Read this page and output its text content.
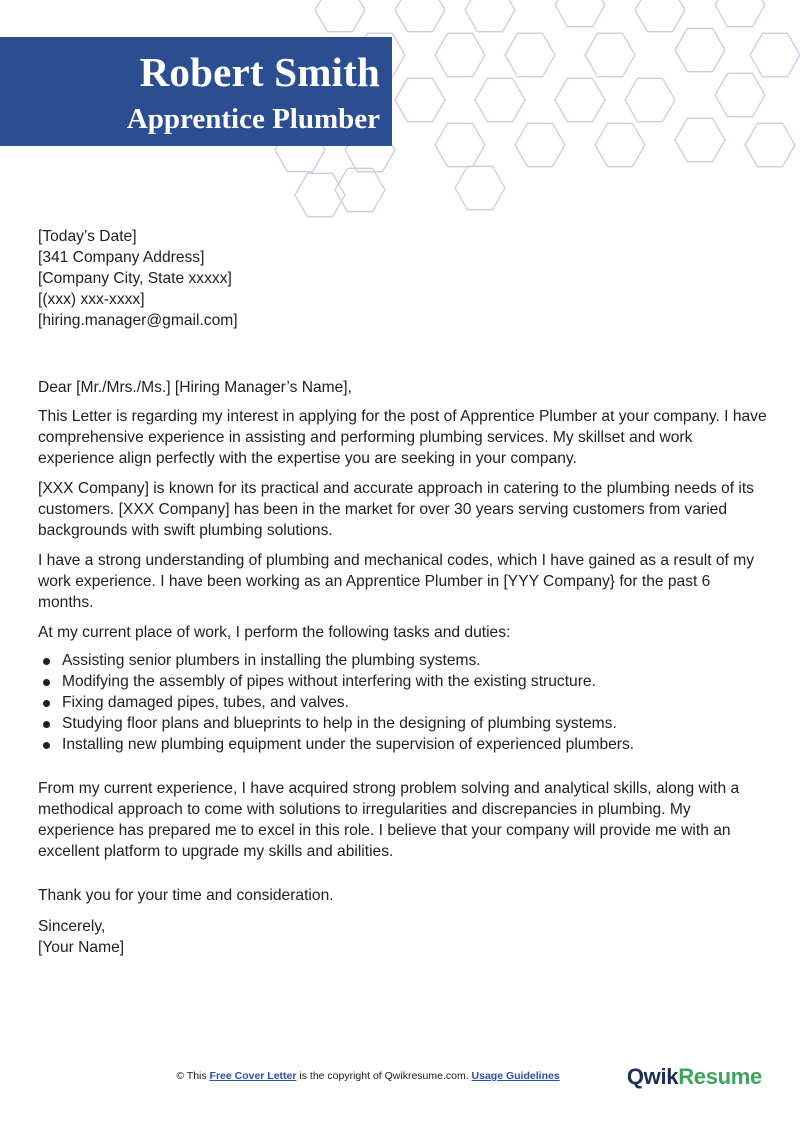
Robert Smith
Apprentice Plumber

[Today’s Date]

[341 Company Address]

[Company City, State xxxxx]

[(xxx) xxx-xxxx]

[hiring.manager@gmail.com]

Dear [Mr./Mrs./Ms.] [Hiring Manager’s Name],

This Letter is regarding my interest in applying for the post of Apprentice Plumber at your company. I have comprehensive experience in assisting and performing plumbing services. My skillset and work experience align perfectly with the expertise you are seeking in your company.

[XXX Company] is known for its practical and accurate approach in catering to the plumbing needs of its customers. [XXX Company] has been in the market for over 30 years serving customers from varied backgrounds with swift plumbing solutions.

I have a strong understanding of plumbing and mechanical codes, which I have gained as a result of my work experience. I have been working as an Apprentice Plumber in [YYY Company} for the past 6 months.

At my current place of work, I perform the following tasks and duties:

Assisting senior plumbers in installing the plumbing systems.
Modifying the assembly of pipes without interfering with the existing structure.
Fixing damaged pipes, tubes, and valves.
Studying floor plans and blueprints to help in the designing of plumbing systems.
Installing new plumbing equipment under the supervision of experienced plumbers.

From my current experience, I have acquired strong problem solving and analytical skills, along with a methodical approach to come with solutions to irregularities and discrepancies in plumbing. My experience has prepared me to excel in this role. I believe that your company will provide me with an excellent platform to upgrade my skills and abilities.

Thank you for your time and consideration.

Sincerely,

[Your Name]

© This Free Cover Letter is the copyright of Qwikresume.com. Usage Guidelines	QwikResume
